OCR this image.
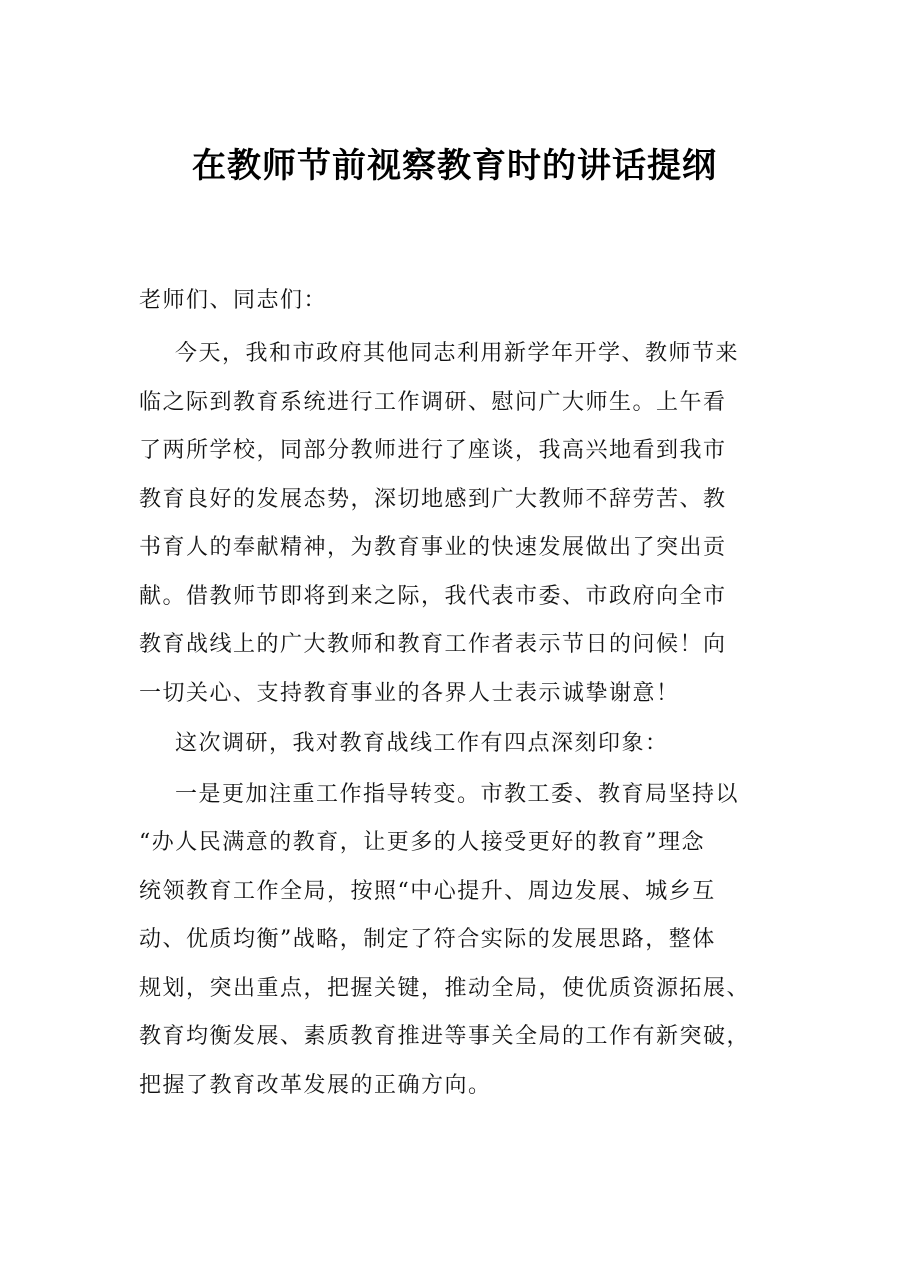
在教师节前视察教育时的讲话提纲
老师们、同志们：
今天，我和市政府其他同志利用新学年开学、教师节来
临之际到教育系统进行工作调研、慰问广大师生。上午看
了两所学校，同部分教师进行了座谈，我高兴地看到我市
教育良好的发展态势，深切地感到广大教师不辞劳苦、教
书育人的奉献精神，为教育事业的快速发展做出了突出贡
献。借教师节即将到来之际，我代表市委、市政府向全市
教育战线上的广大教师和教育工作者表示节日的问候！向
一切关心、支持教育事业的各界人士表示诚挚谢意！
这次调研，我对教育战线工作有四点深刻印象：
一是更加注重工作指导转变。市教工委、教育局坚持以
“办人民满意的教育，让更多的人接受更好的教育”理念
统领教育工作全局，按照“中心提升、周边发展、城乡互
动、优质均衡”战略，制定了符合实际的发展思路，整体
规划，突出重点，把握关键，推动全局，使优质资源拓展、
教育均衡发展、素质教育推进等事关全局的工作有新突破，
把握了教育改革发展的正确方向。
